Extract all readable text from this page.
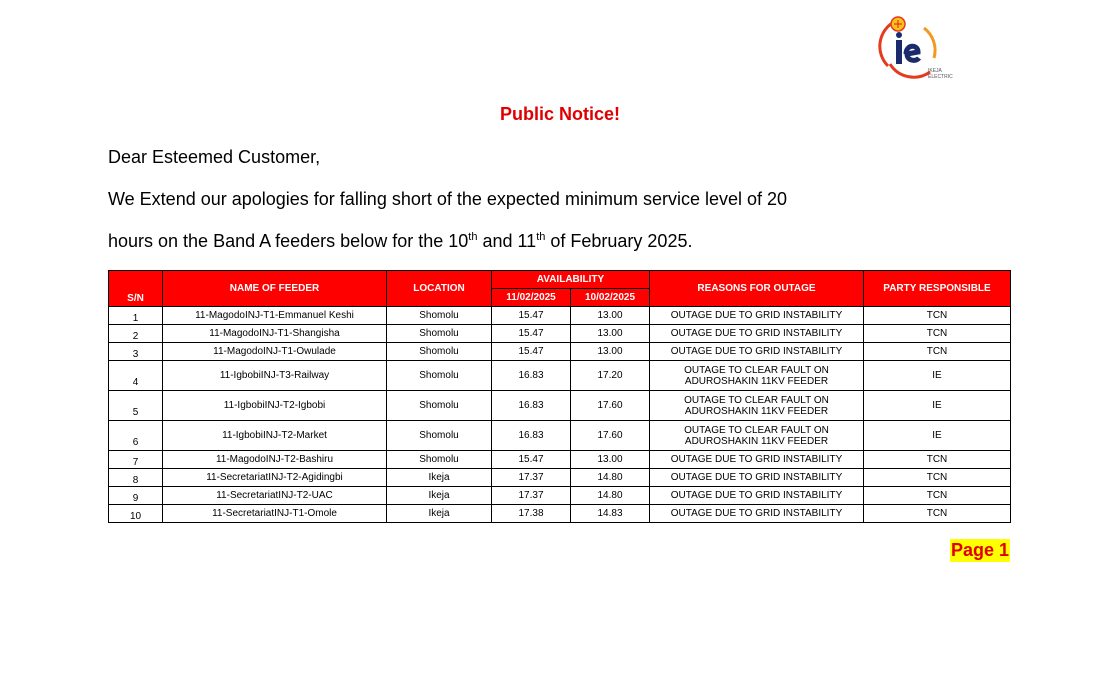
IKEJA
ELECTRIC
Public Notice!
Dear Esteemed Customer,
We Extend our apologies for falling short of the expected minimum service level of 20
hours on the Band A feeders below for the 10th and 11th of February 2025.
S/N	NAME OF FEEDER	LOCATION	AVAILABILITY		REASONS FOR OUTAGE	PARTY RESPONSIBLE
			11/02/2025	10/02/2025		
1	11-MagodoINJ-T1-Emmanuel Keshi	Shomolu	15.47	13.00	OUTAGE DUE TO GRID INSTABILITY	TCN
2	11-MagodoINJ-T1-Shangisha	Shomolu	15.47	13.00	OUTAGE DUE TO GRID INSTABILITY	TCN
3	11-MagodoINJ-T1-Owulade	Shomolu	15.47	13.00	OUTAGE DUE TO GRID INSTABILITY	TCN
4	11-IgbobiINJ-T3-Railway	Shomolu	16.83	17.20	OUTAGE TO CLEAR FAULT ON
ADUROSHAKIN 11KV FEEDER	IE
5	11-IgbobiINJ-T2-Igbobi	Shomolu	16.83	17.60	OUTAGE TO CLEAR FAULT ON
ADUROSHAKIN 11KV FEEDER	IE
6	11-IgbobiINJ-T2-Market	Shomolu	16.83	17.60	OUTAGE TO CLEAR FAULT ON
ADUROSHAKIN 11KV FEEDER	IE
7	11-MagodoINJ-T2-Bashiru	Shomolu	15.47	13.00	OUTAGE DUE TO GRID INSTABILITY	TCN
8	11-SecretariatINJ-T2-Agidingbi	Ikeja	17.37	14.80	OUTAGE DUE TO GRID INSTABILITY	TCN
9	11-SecretariatINJ-T2-UAC	Ikeja	17.37	14.80	OUTAGE DUE TO GRID INSTABILITY	TCN
10	11-SecretariatINJ-T1-Omole	Ikeja	17.38	14.83	OUTAGE DUE TO GRID INSTABILITY	TCN
Page 1
